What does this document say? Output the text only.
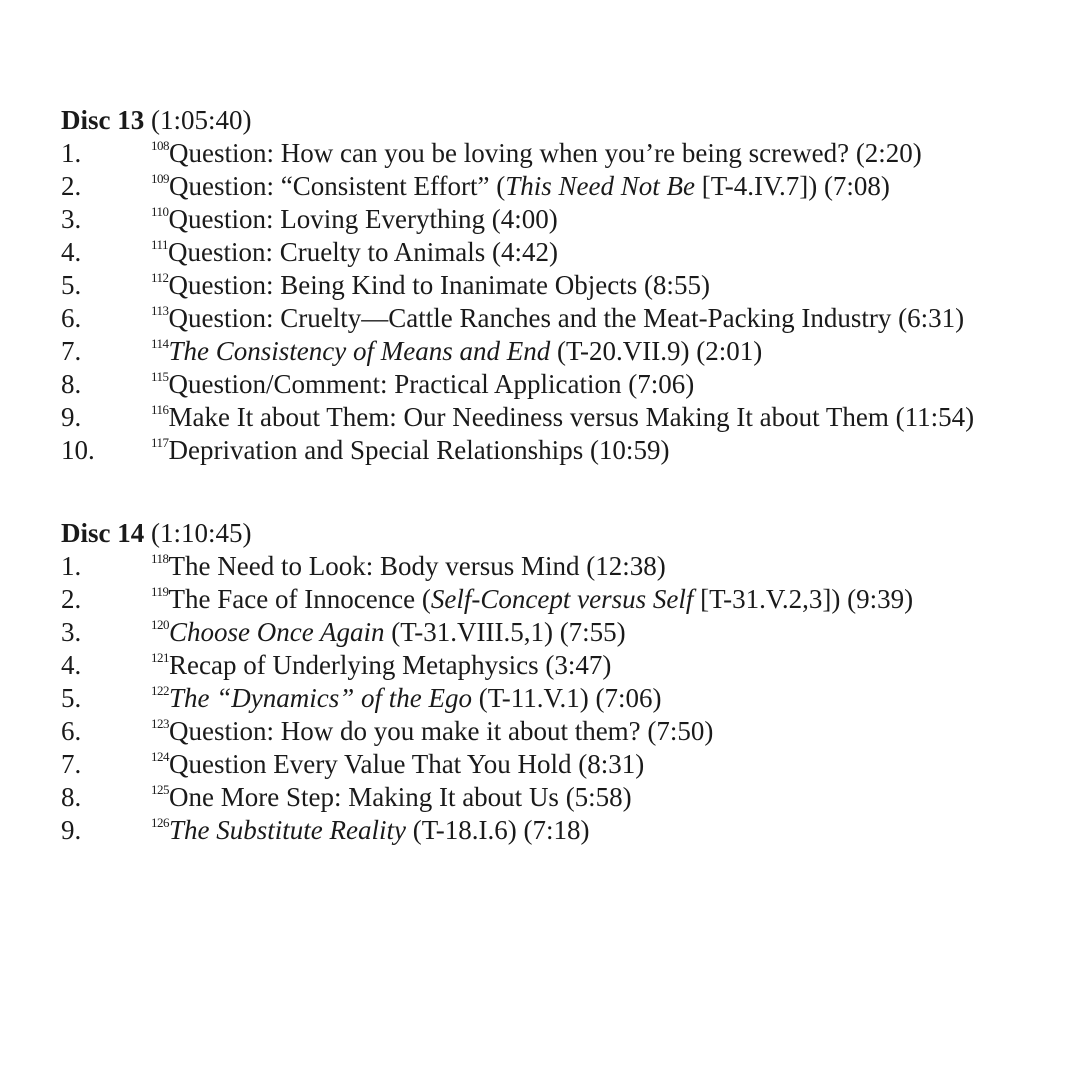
Disc 13 (1:05:40)
1.	$^{108}$Question: How can you be loving when you’re being screwed? (2:20)
2.	$^{109}$Question: “Consistent Effort” (This Need Not Be [T-4.IV.7]) (7:08)
3.	$^{110}$Question: Loving Everything (4:00)
4.	$^{111}$Question: Cruelty to Animals (4:42)
5.	$^{112}$Question: Being Kind to Inanimate Objects (8:55)
6.	$^{113}$Question: Cruelty—Cattle Ranches and the Meat-Packing Industry (6:31)
7.	$^{114}$The Consistency of Means and End (T-20.VII.9) (2:01)
8.	$^{115}$Question/Comment: Practical Application (7:06)
9.	$^{116}$Make It about Them: Our Neediness versus Making It about Them (11:54)
10.	$^{117}$Deprivation and Special Relationships (10:59)
Disc 14 (1:10:45)
1.	$^{118}$The Need to Look: Body versus Mind (12:38)
2.	$^{119}$The Face of Innocence (Self-Concept versus Self [T-31.V.2,3]) (9:39)
3.	$^{120}$Choose Once Again (T-31.VIII.5,1) (7:55)
4.	$^{121}$Recap of Underlying Metaphysics (3:47)
5.	$^{122}$The “Dynamics” of the Ego (T-11.V.1) (7:06)
6.	$^{123}$Question: How do you make it about them? (7:50)
7.	$^{124}$Question Every Value That You Hold (8:31)
8.	$^{125}$One More Step: Making It about Us (5:58)
9.	$^{126}$The Substitute Reality (T-18.I.6) (7:18)
